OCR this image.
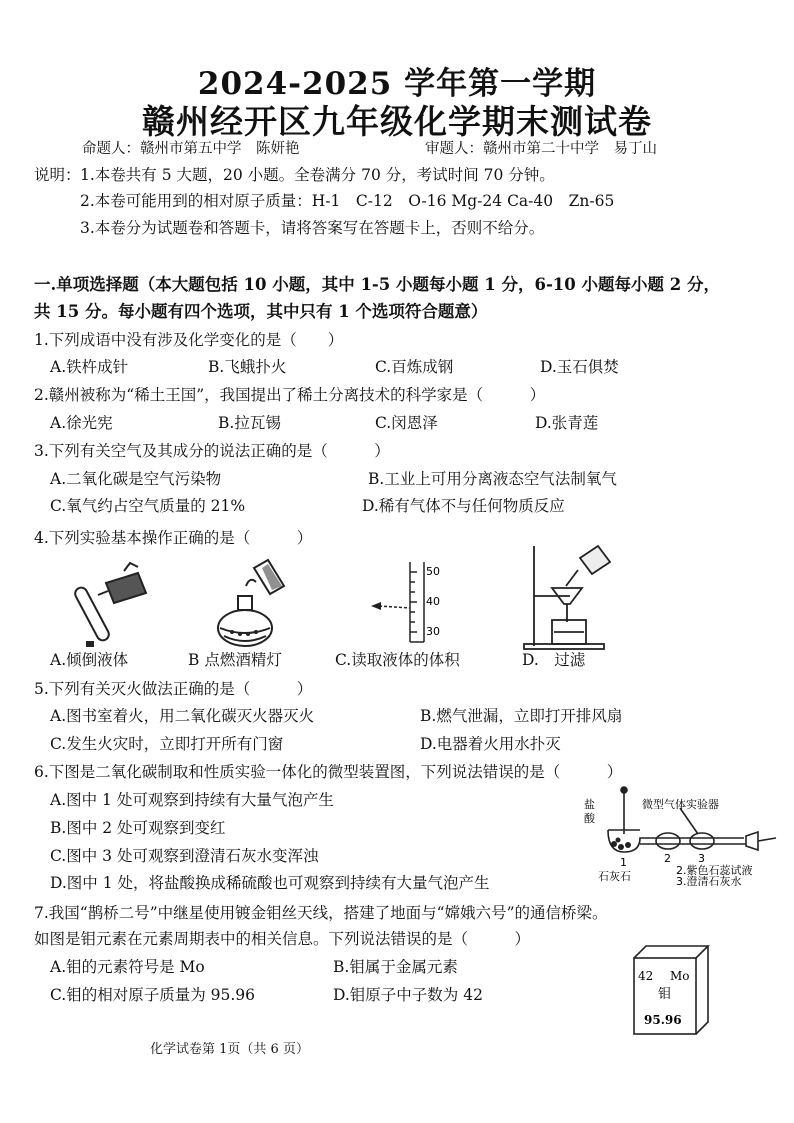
2024-2025 学年第一学期
赣州经开区九年级化学期末测试卷
命题人：赣州市第五中学　陈妍艳	审题人：赣州市第二十中学　易丁山
说明： 1.本卷共有 5 大题，20 小题。全卷满分 70 分，考试时间 70 分钟。
2.本卷可能用到的相对原子质量：H-1　C-12　O-16 Mg-24 Ca-40　Zn-65
3.本卷分为试题卷和答题卡，请将答案写在答题卡上，否则不给分。
一.单项选择题（本大题包括 10 小题，其中 1-5 小题每小题 1 分，6-10 小题每小题 2 分，
共 15 分。每小题有四个选项，其中只有 1 个选项符合题意）
1.下列成语中没有涉及化学变化的是（　　）
A.铁杵成针	B.飞蛾扑火	C.百炼成钢	D.玉石俱焚
2.赣州被称为“稀土王国”，我国提出了稀土分离技术的科学家是（　　　）
A.徐光宪	B.拉瓦锡	C.闵恩泽	D.张青莲
3.下列有关空气及其成分的说法正确的是（　　　）
A.二氧化碳是空气污染物	B.工业上可用分离液态空气法制氧气
C.氧气约占空气质量的 21%	D.稀有气体不与任何物质反应
4.下列实验基本操作正确的是（　　　）
50
40
30
A.倾倒液体	B 点燃酒精灯	C.读取液体的体积	D.　过滤
5.下列有关灭火做法正确的是（　　　）
A.图书室着火，用二氧化碳灭火器灭火	B.燃气泄漏，立即打开排风扇
C.发生火灾时，立即打开所有门窗	D.电器着火用水扑灭
6.下图是二氧化碳制取和性质实验一体化的微型装置图，下列说法错误的是（　　　）
A.图中 1 处可观察到持续有大量气泡产生
B.图中 2 处可观察到变红
C.图中 3 处可观察到澄清石灰水变浑浊
D.图中 1 处，将盐酸换成稀硫酸也可观察到持续有大量气泡产生
盐
酸
微型气体实验器
1	2 3
石灰石	2.紫色石蕊试液
3.澄清石灰水
7.我国“鹊桥二号”中继星使用镀金钼丝天线，搭建了地面与“嫦娥六号”的通信桥梁。
如图是钼元素在元素周期表中的相关信息。下列说法错误的是（　　　）
A.钼的元素符号是 Mo	B.钼属于金属元素
C.钼的相对原子质量为 95.96	D.钼原子中子数为 42
42 Mo
钼
95.96
化学试卷第 1页（共 6 页）
